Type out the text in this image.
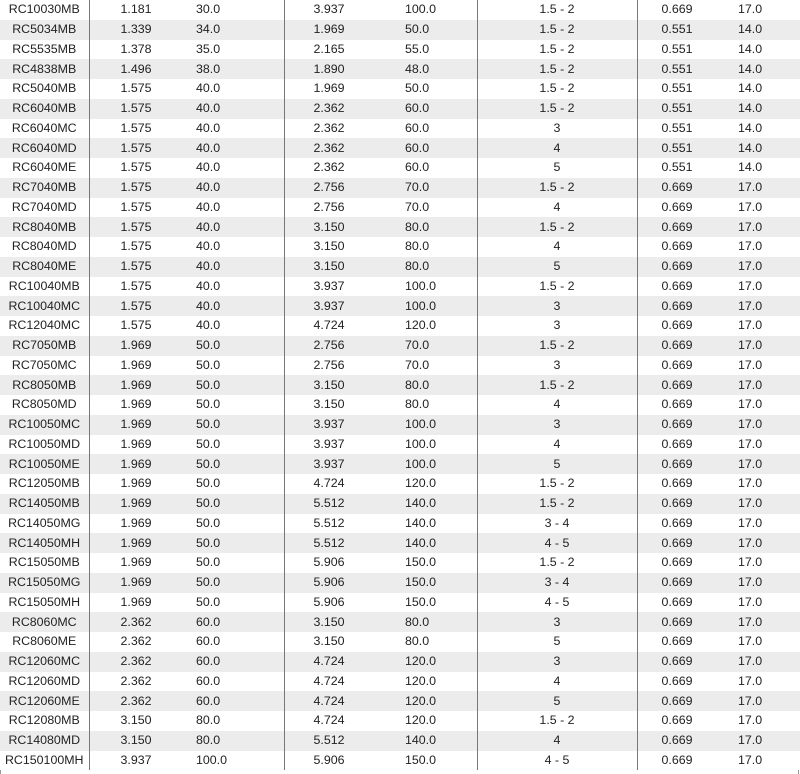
RC10030MB	1.181	30.0	3.937	100.0	1.5 - 2	0.669	17.0
RC5034MB	1.339	34.0	1.969	50.0	1.5 - 2	0.551	14.0
RC5535MB	1.378	35.0	2.165	55.0	1.5 - 2	0.551	14.0
RC4838MB	1.496	38.0	1.890	48.0	1.5 - 2	0.551	14.0
RC5040MB	1.575	40.0	1.969	50.0	1.5 - 2	0.551	14.0
RC6040MB	1.575	40.0	2.362	60.0	1.5 - 2	0.551	14.0
RC6040MC	1.575	40.0	2.362	60.0	3	0.551	14.0
RC6040MD	1.575	40.0	2.362	60.0	4	0.551	14.0
RC6040ME	1.575	40.0	2.362	60.0	5	0.551	14.0
RC7040MB	1.575	40.0	2.756	70.0	1.5 - 2	0.669	17.0
RC7040MD	1.575	40.0	2.756	70.0	4	0.669	17.0
RC8040MB	1.575	40.0	3.150	80.0	1.5 - 2	0.669	17.0
RC8040MD	1.575	40.0	3.150	80.0	4	0.669	17.0
RC8040ME	1.575	40.0	3.150	80.0	5	0.669	17.0
RC10040MB	1.575	40.0	3.937	100.0	1.5 - 2	0.669	17.0
RC10040MC	1.575	40.0	3.937	100.0	3	0.669	17.0
RC12040MC	1.575	40.0	4.724	120.0	3	0.669	17.0
RC7050MB	1.969	50.0	2.756	70.0	1.5 - 2	0.669	17.0
RC7050MC	1.969	50.0	2.756	70.0	3	0.669	17.0
RC8050MB	1.969	50.0	3.150	80.0	1.5 - 2	0.669	17.0
RC8050MD	1.969	50.0	3.150	80.0	4	0.669	17.0
RC10050MC	1.969	50.0	3.937	100.0	3	0.669	17.0
RC10050MD	1.969	50.0	3.937	100.0	4	0.669	17.0
RC10050ME	1.969	50.0	3.937	100.0	5	0.669	17.0
RC12050MB	1.969	50.0	4.724	120.0	1.5 - 2	0.669	17.0
RC14050MB	1.969	50.0	5.512	140.0	1.5 - 2	0.669	17.0
RC14050MG	1.969	50.0	5.512	140.0	3 - 4	0.669	17.0
RC14050MH	1.969	50.0	5.512	140.0	4 - 5	0.669	17.0
RC15050MB	1.969	50.0	5.906	150.0	1.5 - 2	0.669	17.0
RC15050MG	1.969	50.0	5.906	150.0	3 - 4	0.669	17.0
RC15050MH	1.969	50.0	5.906	150.0	4 - 5	0.669	17.0
RC8060MC	2.362	60.0	3.150	80.0	3	0.669	17.0
RC8060ME	2.362	60.0	3.150	80.0	5	0.669	17.0
RC12060MC	2.362	60.0	4.724	120.0	3	0.669	17.0
RC12060MD	2.362	60.0	4.724	120.0	4	0.669	17.0
RC12060ME	2.362	60.0	4.724	120.0	5	0.669	17.0
RC12080MB	3.150	80.0	4.724	120.0	1.5 - 2	0.669	17.0
RC14080MD	3.150	80.0	5.512	140.0	4	0.669	17.0
RC150100MH	3.937	100.0	5.906	150.0	4 - 5	0.669	17.0
